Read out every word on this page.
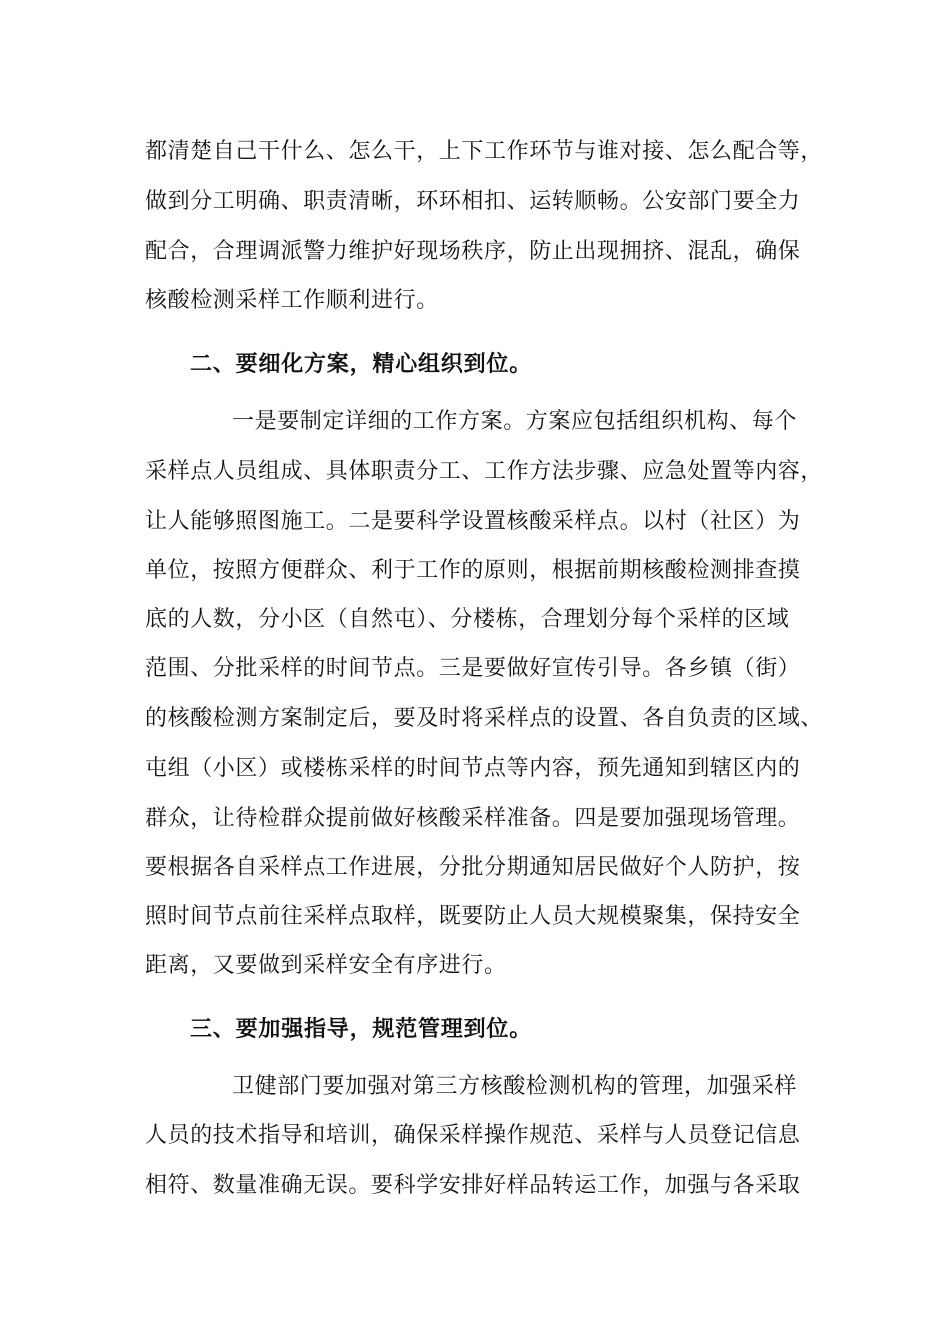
都清楚自己干什么、怎么干，上下工作环节与谁对接、怎么配合等，
做到分工明确、职责清晰，环环相扣、运转顺畅。公安部门要全力
配合，合理调派警力维护好现场秩序，防止出现拥挤、混乱，确保
核酸检测采样工作顺利进行。
二、要细化方案，精心组织到位。
一是要制定详细的工作方案。方案应包括组织机构、每个
采样点人员组成、具体职责分工、工作方法步骤、应急处置等内容，
让人能够照图施工。二是要科学设置核酸采样点。以村（社区）为
单位，按照方便群众、利于工作的原则，根据前期核酸检测排查摸
底的人数，分小区（自然屯）、分楼栋，合理划分每个采样的区域
范围、分批采样的时间节点。三是要做好宣传引导。各乡镇（街）
的核酸检测方案制定后，要及时将采样点的设置、各自负责的区域、
屯组（小区）或楼栋采样的时间节点等内容，预先通知到辖区内的
群众，让待检群众提前做好核酸采样准备。四是要加强现场管理。
要根据各自采样点工作进展，分批分期通知居民做好个人防护，按
照时间节点前往采样点取样，既要防止人员大规模聚集，保持安全
距离，又要做到采样安全有序进行。
三、要加强指导，规范管理到位。
卫健部门要加强对第三方核酸检测机构的管理，加强采样
人员的技术指导和培训，确保采样操作规范、采样与人员登记信息
相符、数量准确无误。要科学安排好样品转运工作，加强与各采取
